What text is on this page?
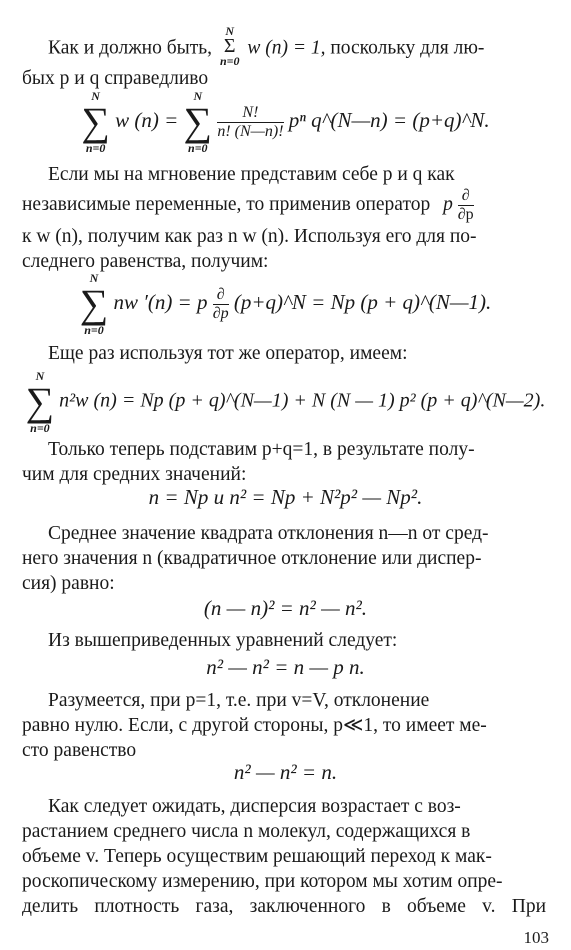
Как и должно быть,
N
Σ
n=0
w (n) = 1, поскольку для лю-
бых p и q справедливо
N
∑
n=0
w (n) =
N
∑
n=0

$\frac{N!}{n! (N—n)!}$ pⁿ q^(N—n) = (p+q)^N.
Если мы на мгновение представим себе p и q как
независимые переменные, то применив оператор p $\frac{\partial}{\partial p}$
к w (n), получим как раз n w (n). Используя его для по-
следнего равенства, получим:
N
∑
n=0
nw ′(n) = p $\frac{\partial}{\partial p}$ (p+q)^N = Np (p + q)^(N—1).
Еще раз используя тот же оператор, имеем:
N
∑
n=0
n²w (n) = Np (p + q)^(N—1) + N (N — 1) p² (p + q)^(N—2).
Только теперь подставим p+q=1, в результате полу-
чим для средних значений:
n = Np и n² = Np + N²p² — Np².
Среднее значение квадрата отклонения n—n от сред-
него значения n (квадратичное отклонение или диспер-
сия) равно:
(n — n)² = n² — n².
Из вышеприведенных уравнений следует:
n² — n² = n — p n.
Разумеется, при p=1, т.е. при v=V, отклонение
равно нулю. Если, с другой стороны, p≪1, то имеет ме-
сто равенство
n² — n² = n.
Как следует ожидать, дисперсия возрастает с воз-
растанием среднего числа n молекул, содержащихся в
объеме v. Теперь осуществим решающий переход к мак-
роскопическому измерению, при котором мы хотим опре-
делить плотность газа, заключенного в объеме v. При
103
